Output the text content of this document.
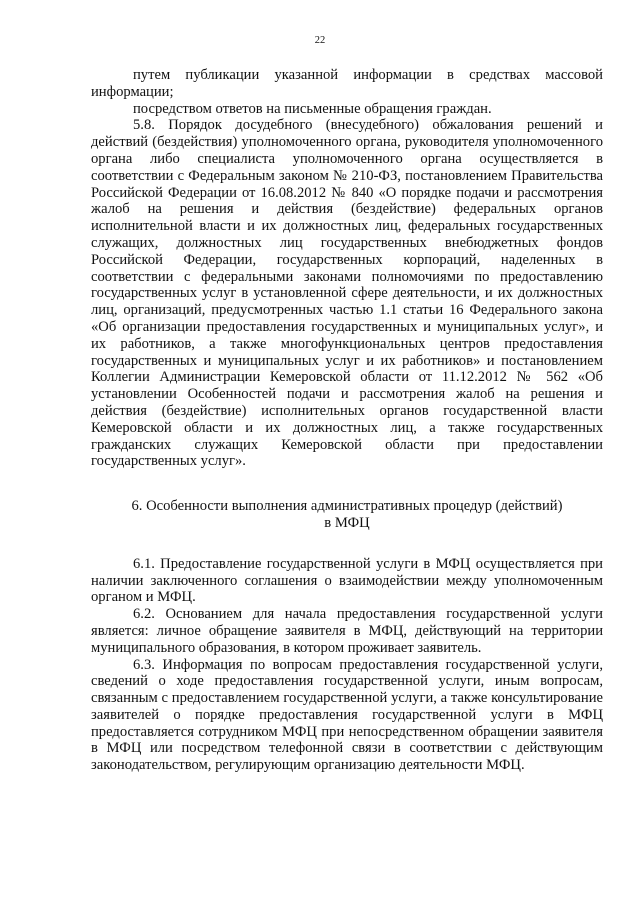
22

путем публикации указанной информации в средствах массовой информации;

посредством ответов на письменные обращения граждан.

5.8. Порядок досудебного (внесудебного) обжалования решений и действий (бездействия) уполномоченного органа, руководителя уполномоченного органа либо специалиста уполномоченного органа осуществляется в соответствии с Федеральным законом № 210-ФЗ, постановлением Правительства Российской Федерации от 16.08.2012 № 840 «О порядке подачи и рассмотрения жалоб на решения и действия (бездействие) федеральных органов исполнительной власти и их должностных лиц, федеральных государственных служащих, должностных лиц государственных внебюджетных фондов Российской Федерации, государственных корпораций, наделенных в соответствии с федеральными законами полномочиями по предоставлению государственных услуг в установленной сфере деятельности, и их должностных лиц, организаций, предусмотренных частью 1.1 статьи 16 Федерального закона «Об организации предоставления государственных и муниципальных услуг», и их работников, а также многофункциональных центров предоставления государственных и муниципальных услуг и их работников» и постановлением Коллегии Администрации Кемеровской области от 11.12.2012 № 562 «Об установлении Особенностей подачи и рассмотрения жалоб на решения и действия (бездействие) исполнительных органов государственной власти Кемеровской области и их должностных лиц, а также государственных гражданских служащих Кемеровской области при предоставлении государственных услуг».

6. Особенности выполнения административных процедур (действий)
в МФЦ

6.1. Предоставление государственной услуги в МФЦ осуществляется при наличии заключенного соглашения о взаимодействии между уполномоченным органом и МФЦ.

6.2. Основанием для начала предоставления государственной услуги является: личное обращение заявителя в МФЦ, действующий на территории муниципального образования, в котором проживает заявитель.

6.3. Информация по вопросам предоставления государственной услуги, сведений о ходе предоставления государственной услуги, иным вопросам, связанным с предоставлением государственной услуги, а также консультирование заявителей о порядке предоставления государственной услуги в МФЦ предоставляется сотрудником МФЦ при непосредственном обращении заявителя в МФЦ или посредством телефонной связи в соответствии с действующим законодательством, регулирующим организацию деятельности МФЦ.
